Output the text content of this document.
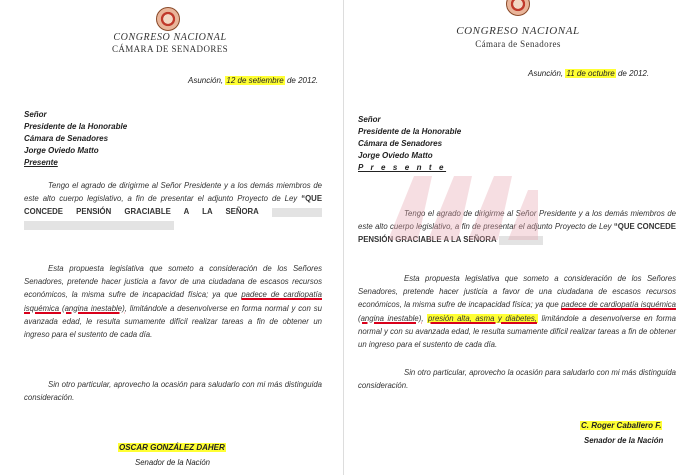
CONGRESO NACIONAL
CÁMARA DE SENADORES
Asunción, 12 de setiembre de 2012.
Señor
Presidente de la Honorable
Cámara de Senadores
Jorge Oviedo Matto
Presente
Tengo el agrado de dirigirme al Señor Presidente y a los demás miembros de este alto cuerpo legislativo, a fin de presentar el adjunto Proyecto de Ley “QUE CONCEDE PENSIÓN GRACIABLE A LA SEÑORA
Esta propuesta legislativa que someto a consideración de los Señores Senadores, pretende hacer justicia a favor de una ciudadana de escasos recursos económicos, la misma sufre de incapacidad física; ya que padece de cardiopatía isquémica (angina inestable), limitándole a desenvolverse en forma normal y con su avanzada edad, le resulta sumamente difícil realizar tareas a fin de obtener un ingreso para el sustento de cada día.
Sin otro particular, aprovecho la ocasión para saludarlo con mi más distinguida consideración.
OSCAR GONZÁLEZ DAHER
Senador de la Nación
CONGRESO NACIONAL
Cámara de Senadores
Asunción, 11 de octubre de 2012.
Señor
Presidente de la Honorable
Cámara de Senadores
Jorge Oviedo Matto
P r e s e n t e
Tengo el agrado de dirigirme al Señor Presidente y a los demás miembros de este alto cuerpo legislativo, a fin de presentar el adjunto Proyecto de Ley “QUE CONCEDE PENSIÓN GRACIABLE A LA SEÑORA
Esta propuesta legislativa que someto a consideración de los Señores Senadores, pretende hacer justicia a favor de una ciudadana de escasos recursos económicos, la misma sufre de incapacidad física; ya que padece de cardiopatía isquémica (angina inestable), presión alta, asma y diabetes, limitándole a desenvolverse en forma normal y con su avanzada edad, le resulta sumamente difícil realizar tareas a fin de obtener un ingreso para el sustento de cada día.
Sin otro particular, aprovecho la ocasión para saludarlo con mi más distinguida consideración.
C. Roger Caballero F.
Senador de la Nación
